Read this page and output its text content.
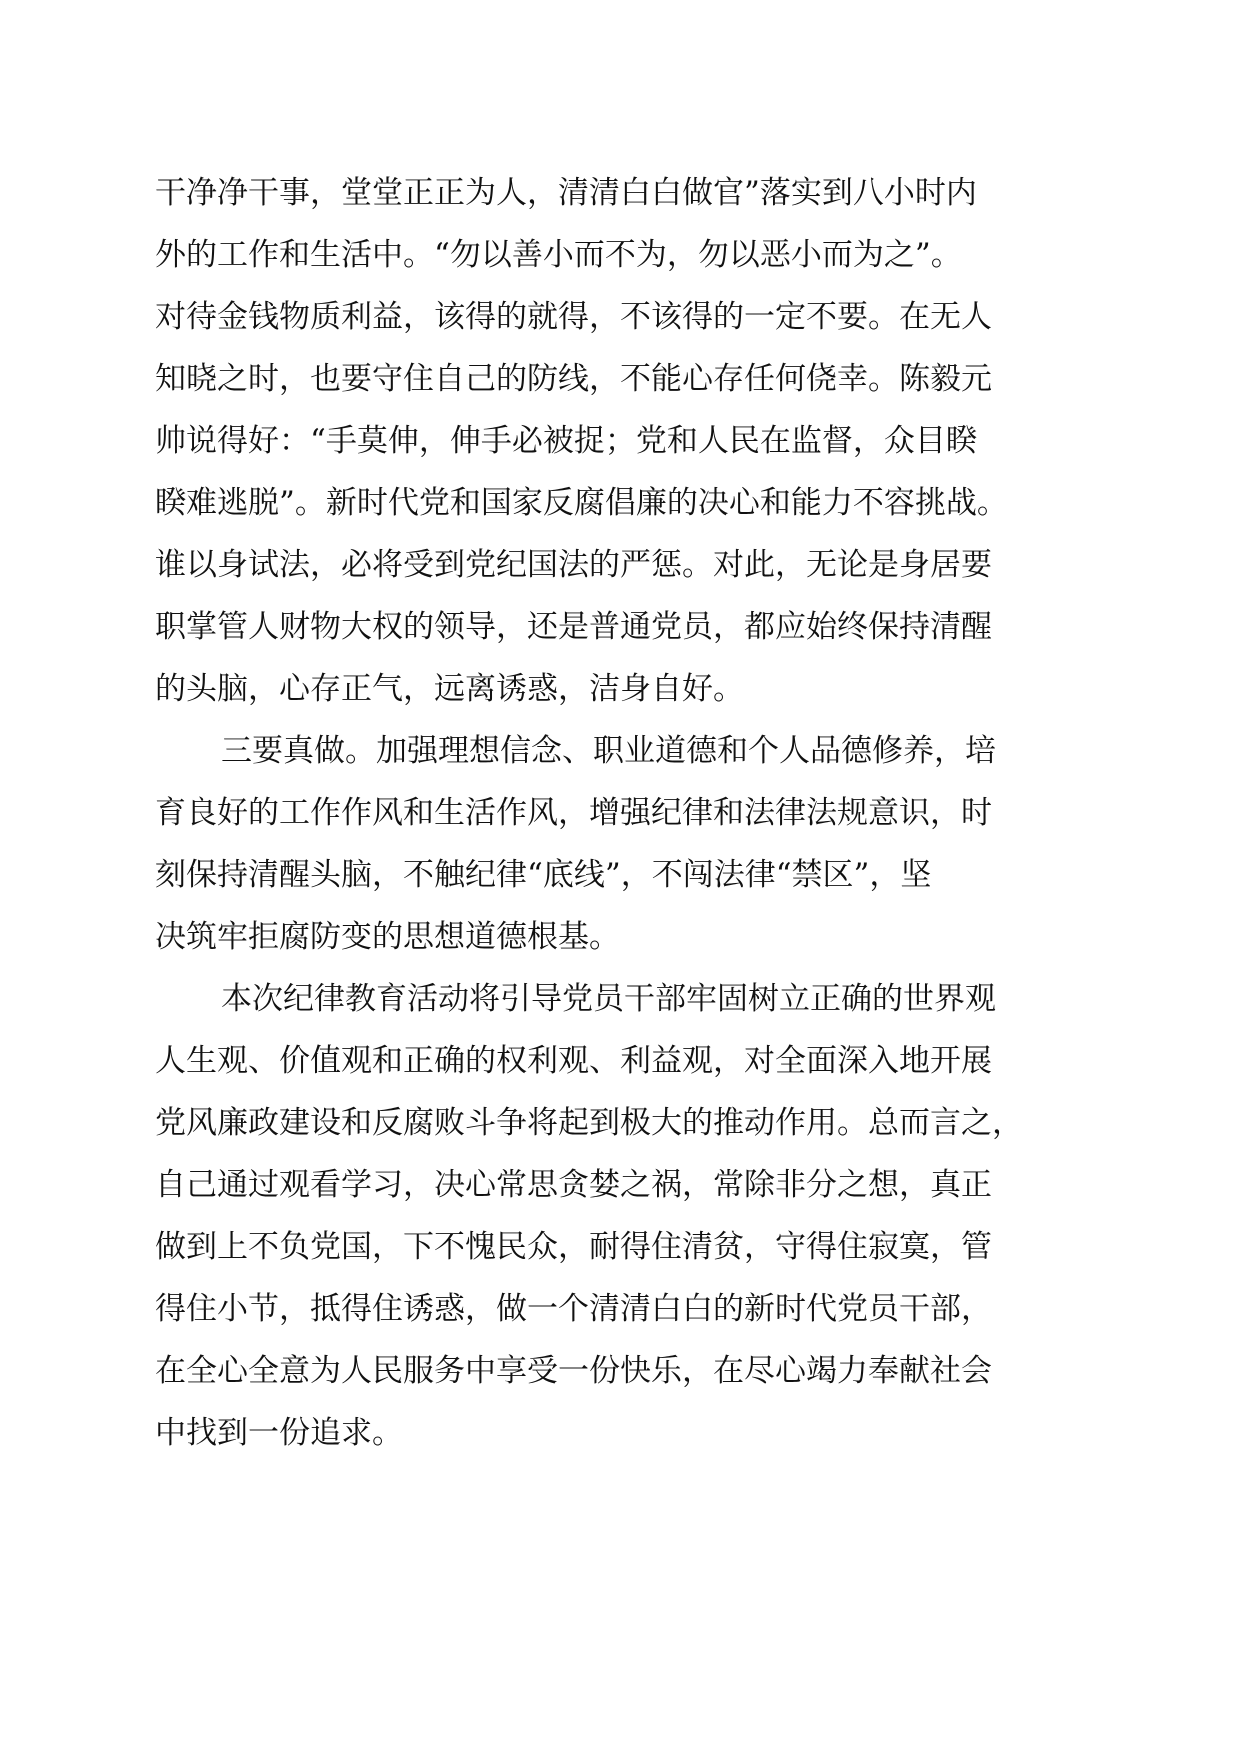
干净净干事，堂堂正正为人，清清白白做官”落实到八小时内
外的工作和生活中。“勿以善小而不为，勿以恶小而为之”。
对待金钱物质利益，该得的就得，不该得的一定不要。在无人
知晓之时，也要守住自己的防线，不能心存任何侥幸。陈毅元
帅说得好：“手莫伸，伸手必被捉；党和人民在监督，众目睽
睽难逃脱”。新时代党和国家反腐倡廉的决心和能力不容挑战。
谁以身试法，必将受到党纪国法的严惩。对此，无论是身居要
职掌管人财物大权的领导，还是普通党员，都应始终保持清醒
的头脑，心存正气，远离诱惑，洁身自好。
三要真做。加强理想信念、职业道德和个人品德修养，培
育良好的工作作风和生活作风，增强纪律和法律法规意识，时
刻保持清醒头脑，不触纪律“底线”，不闯法律“禁区”，坚
决筑牢拒腐防变的思想道德根基。
本次纪律教育活动将引导党员干部牢固树立正确的世界观
人生观、价值观和正确的权利观、利益观，对全面深入地开展
党风廉政建设和反腐败斗争将起到极大的推动作用。总而言之，
自己通过观看学习，决心常思贪婪之祸，常除非分之想，真正
做到上不负党国，下不愧民众，耐得住清贫，守得住寂寞，管
得住小节，抵得住诱惑，做一个清清白白的新时代党员干部，
在全心全意为人民服务中享受一份快乐，在尽心竭力奉献社会
中找到一份追求。
